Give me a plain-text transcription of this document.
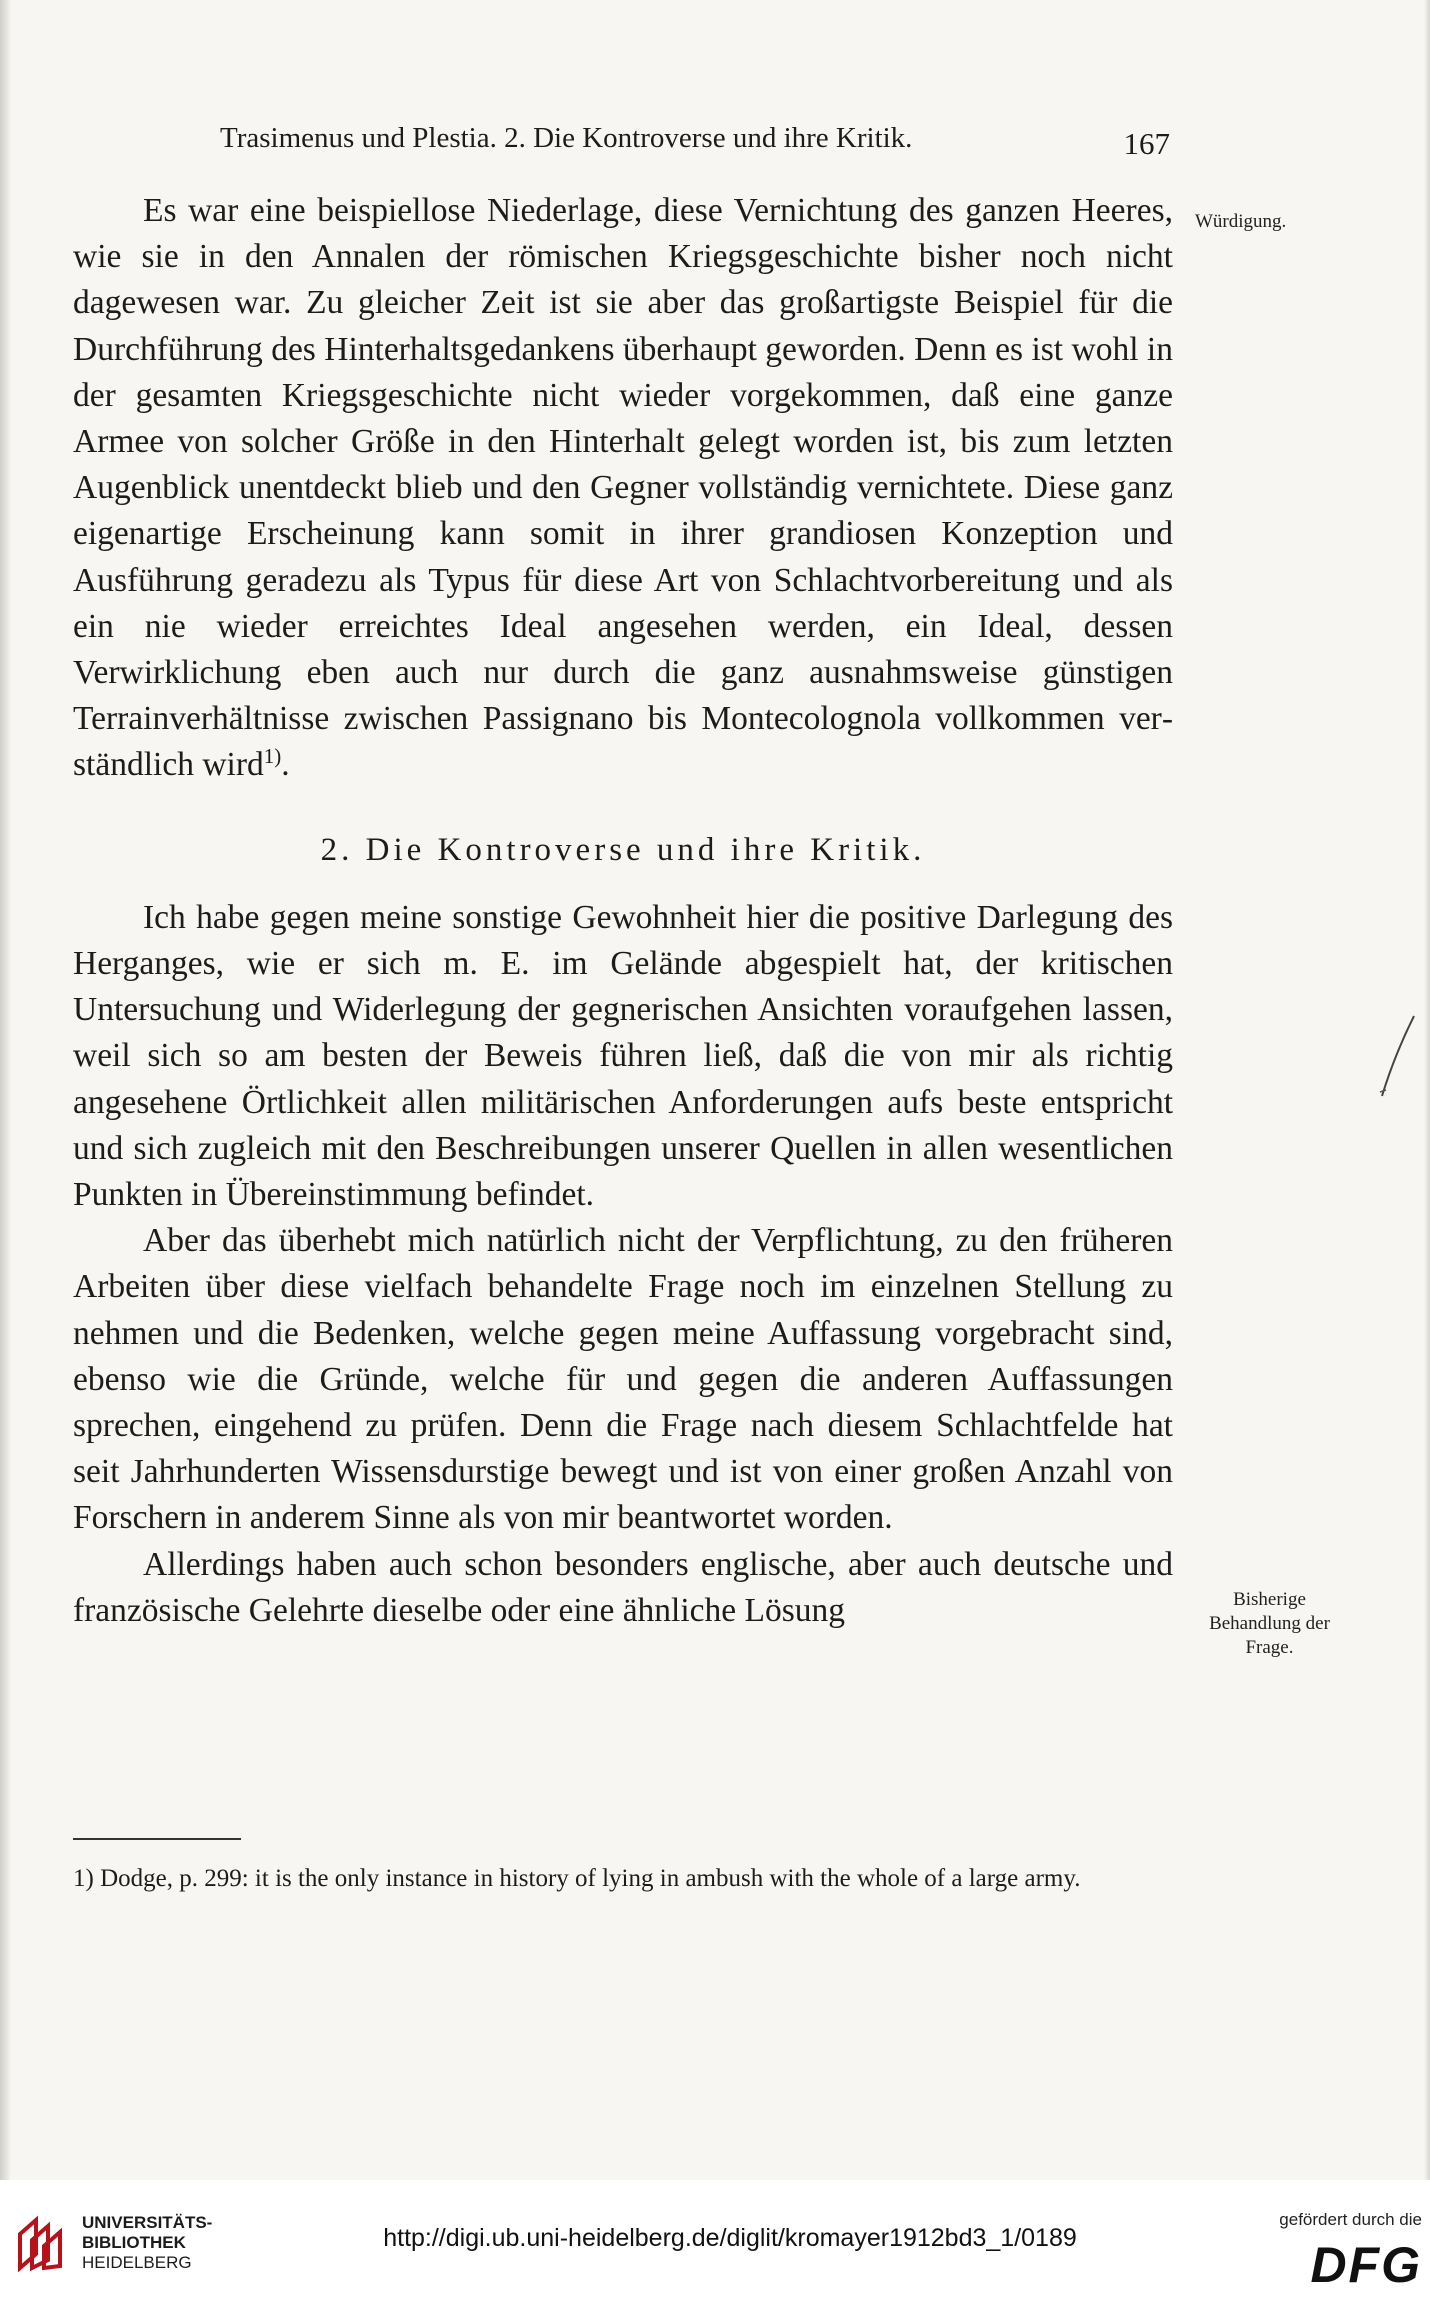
Trasimenus und Plestia. 2. Die Kontroverse und ihre Kritik.	167

Es war eine beispiellose Niederlage, diese Vernichtung des ganzen Heeres, wie sie in den Annalen der römischen Kriegsgeschichte bisher noch nicht dagewesen war. Zu gleicher Zeit ist sie aber das großartigste Beispiel für die Durchführung des Hinterhaltsgedankens überhaupt geworden. Denn es ist wohl in der gesamten Kriegsgeschichte nicht wieder vorgekommen, daß eine ganze Armee von solcher Größe in den Hinterhalt gelegt worden ist, bis zum letzten Augenblick unentdeckt blieb und den Gegner vollständig vernichtete. Diese ganz eigenartige Erscheinung kann somit in ihrer grandiosen Konzeption und Ausführung geradezu als Typus für diese Art von Schlachtvorbereitung und als ein nie wieder erreichtes Ideal angesehen werden, ein Ideal, dessen Verwirklichung eben auch nur durch die ganz ausnahmsweise günstigen Terrainverhältnisse zwischen Passignano bis Montecolognola vollkommen verständlich wird$^{1)}$.

2. Die Kontroverse und ihre Kritik.

Ich habe gegen meine sonstige Gewohnheit hier die positive Darlegung des Herganges, wie er sich m. E. im Gelände abgespielt hat, der kritischen Untersuchung und Widerlegung der gegnerischen Ansichten voraufgehen lassen, weil sich so am besten der Beweis führen ließ, daß die von mir als richtig angesehene Örtlichkeit allen militärischen Anforderungen aufs beste entspricht und sich zugleich mit den Beschreibungen unserer Quellen in allen wesentlichen Punkten in Übereinstimmung befindet.

Aber das überhebt mich natürlich nicht der Verpflichtung, zu den früheren Arbeiten über diese vielfach behandelte Frage noch im einzelnen Stellung zu nehmen und die Bedenken, welche gegen meine Auffassung vorgebracht sind, ebenso wie die Gründe, welche für und gegen die anderen Auffassungen sprechen, eingehend zu prüfen. Denn die Frage nach diesem Schlachtfelde hat seit Jahrhunderten Wissensdurstige bewegt und ist von einer großen Anzahl von Forschern in anderem Sinne als von mir beantwortet worden.

Allerdings haben auch schon besonders englische, aber auch deutsche und französische Gelehrte dieselbe oder eine ähnliche Lösung

Würdigung.
Bisherige
Behandlung der
Frage.
1) Dodge, p. 299: it is the only instance in history of lying in ambush with the whole of a large army.
UNIVERSITÄTS-
BIBLIOTHEK
HEIDELBERG
http://digi.ub.uni-heidelberg.de/diglit/kromayer1912bd3_1/0189
gefördert durch die
DFG
